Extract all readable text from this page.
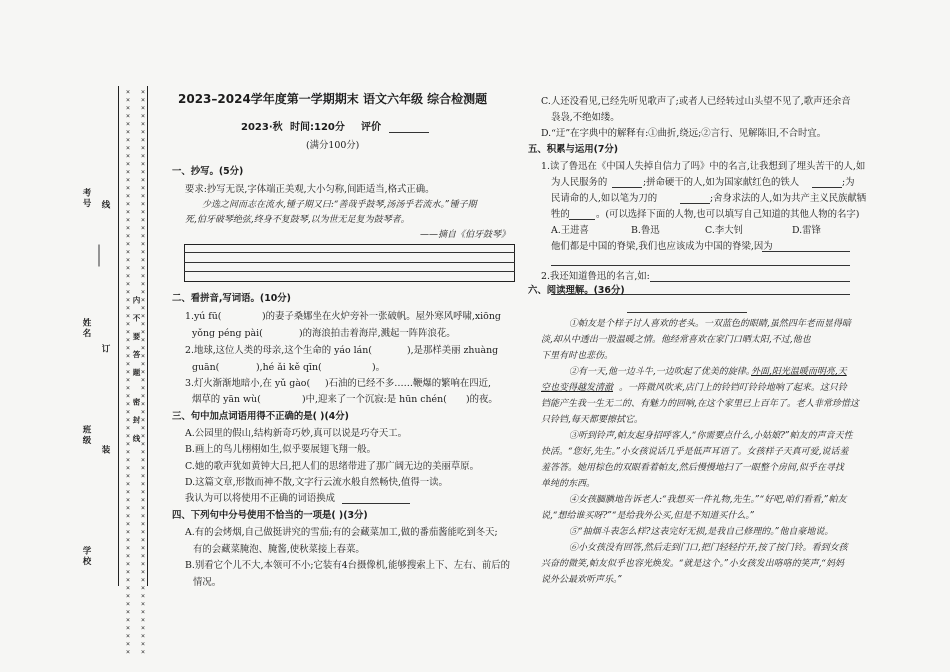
××××××××××××××××××××××××××××××××××××××××××××××××××××××××××××××××××××××× ×××××××××××××××××××××××××××××××××××××××××××××××××××××××××××××××××××××××
考号 线
姓名
订
班级
装
学校
内 不 要 答 题
密 封 线
2023–2024学年度第一学期期末 语文六年级 综合检测题
2023·秋 时间:120分 评价
(满分100分)
一、抄写。(5分)
要求:抄写无误,字体端正美观,大小匀称,间距适当,格式正确。
少选之间而志在流水,锺子期又曰:“善哉乎鼓琴,汤汤乎若流水。”锺子期
死,伯牙破琴绝弦,终身不复鼓琴,以为世无足复为鼓琴者。
——摘自《伯牙鼓琴》
二、看拼音,写词语。(10分)
1.yú fū(	)的妻子桑娜坐在火炉旁补一张破帆。屋外寒风呼啸,xiōng
yǒng péng pài(	)的海浪拍击着海岸,溅起一阵阵浪花。
2.地球,这位人类的母亲,这个生命的 yáo lán(	),是那样美丽 zhuàng
guān(	),hé ǎi kě qīn(	)。
3.灯火渐渐地暗小,在 yǔ gào( )石油的已经不多……鞭爆的繁响在四近,
烟草的 yān wù(	)中,迎来了一个沉寂:是 hūn chén( )的夜。
三、句中加点词语用得不正确的是( )(4分)
A.公园里的假山,结构新奇巧妙,真可以说是巧夺天工。
B.画上的鸟儿栩栩如生,似乎要展翅飞翔一般。
C.她的歌声犹如黄钟大吕,把人们的思绪带进了那广阔无边的美丽草原。
D.这篇文章,形散而神不散,文字行云流水般自然畅快,值得一读。
我认为可以将使用不正确的词语换成
四、下列句中分号使用不恰当的一项是( )(3分)
A.有的会烤烟,自己做挺讲究的雪茄;有的会藏菜加工,做的番茄酱能吃到冬天;
有的会藏菜腌泡、腌酱,使秋菜接上春菜。
B.别看它个儿不大,本领可不小;它装有4台摄像机,能够搜索上下、左右、前后的
情况。
C.人还没看见,已经先听见歌声了;或者人已经转过山头望不见了,歌声还余音
袅袅,不绝如缕。
D.“迂”在字典中的解释有:①曲折,绕远;②言行、见解陈旧,不合时宜。
五、积累与运用(7分)
1.读了鲁迅在《中国人失掉自信力了吗》中的名言,让我想到了埋头苦干的人,如
为人民服务的	;拼命硬干的人,如为国家献红色的铁人	;为
民请命的人,如以笔为刀的	;舍身求法的人,如为共产主义民族献牺
牲的	。(可以选择下面的人物,也可以填写自己知道的其他人物的名字)
A.王进喜	B.鲁迅	C.李大钊	D.雷锋
他们都是中国的脊梁,我们也应该成为中国的脊梁,因为
2.我还知道鲁迅的名言,如:
六、阅读理解。(36分)
①帕友是个样子讨人喜欢的老头。一双蓝色的眼睛,虽然四年老而显得暗
淡,却从中透出一股温暖之情。他经常喜欢在家门口晒太阳,不过,他也
下里有时也悲伤。
②有一天,他一边斗牛,一边吹起了优美的旋律。
外面,阳光温暖而明亮,天
空也变得越发清澈 。一阵微风吹来,店门上的铃铛叮铃铃地响了起来。这只铃
铛能产生我一生无二的、有魅力的回响,在这个家里已上百年了。老人非常珍惜这
只铃铛,每天都要擦拭它。
③听到铃声,帕友起身招呼客人,“你需要点什么,小姑娘?”帕友的声音天性
快活。“您好,先生。”小女孩说话几乎是低声耳语了。女孩样子天真可爱,说话羞
羞答答。她用棕色的双眼看着帕友,然后慢慢地扫了一眼整个房间,似乎在寻找
单纯的东西。
④女孩腼腆地告诉老人:“我想买一件礼物,先生。”“好吧,咱们看看,”帕友
说,“想给谁买呀?”“是给我外公买,但是不知道买什么。”
⑤“抽烟斗表怎么样?这表完好无损,是我自己修理的。”他自豪地说。
⑥小女孩没有回答,然后走到门口,把门轻轻拧开,按了按门铃。看到女孩
兴奋的微笑,帕友似乎也容光焕发。“就是这个。”小女孩发出咯咯的笑声,“妈妈
说外公最欢听声乐。”
